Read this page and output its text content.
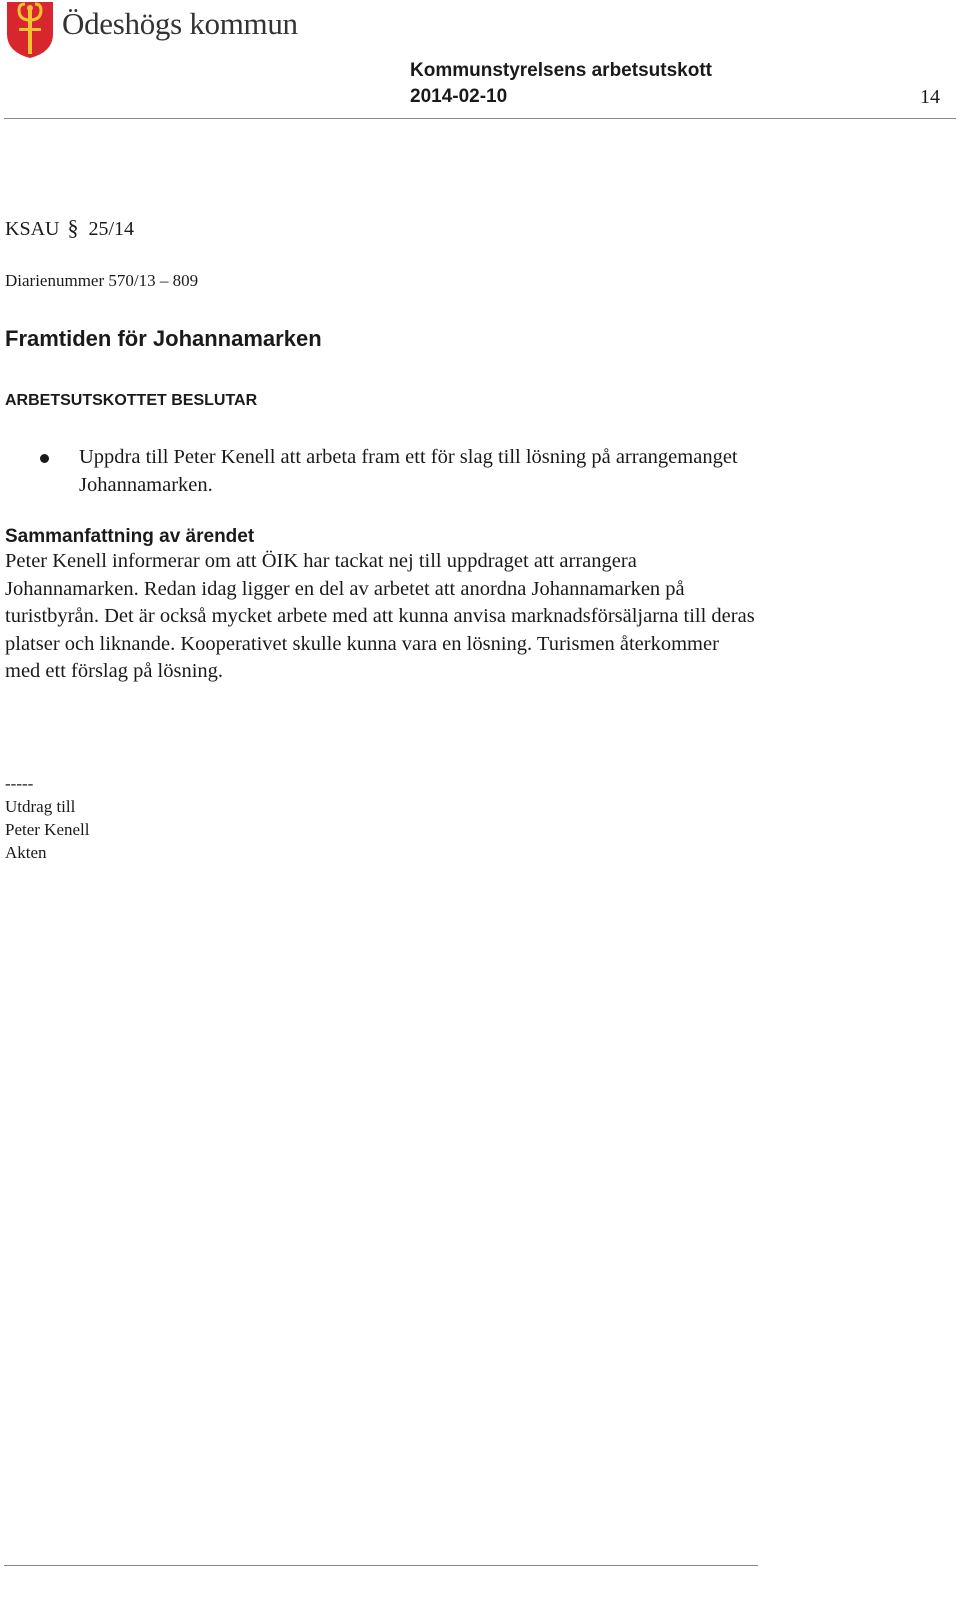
Ödeshögs kommun
Kommunstyrelsens arbetsutskott
2014-02-10	14
KSAU § 25/14
Diarienummer 570/13 – 809
Framtiden för Johannamarken
ARBETSUTSKOTTET BESLUTAR
Uppdra till Peter Kenell att arbeta fram ett för slag till lösning på arrangemanget Johannamarken.
Sammanfattning av ärendet
Peter Kenell informerar om att ÖIK har tackat nej till uppdraget att arrangera Johannamarken. Redan idag ligger en del av arbetet att anordna Johannamarken på turistbyrån. Det är också mycket arbete med att kunna anvisa marknadsförsäljarna till deras platser och liknande. Kooperativet skulle kunna vara en lösning. Turismen återkommer med ett förslag på lösning.
-----
Utdrag till
Peter Kenell
Akten
